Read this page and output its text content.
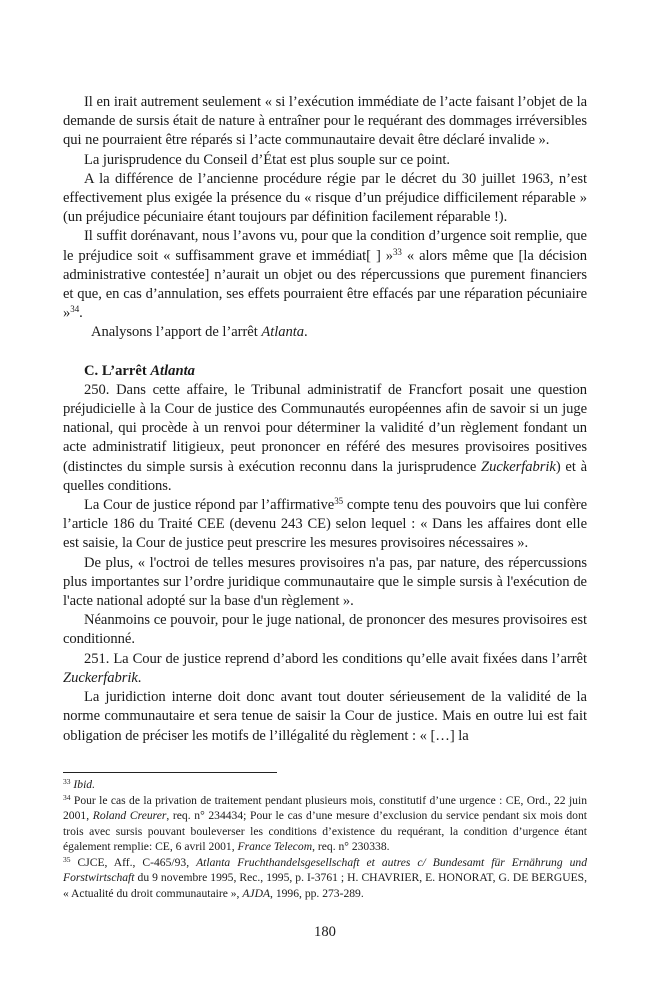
Il en irait autrement seulement « si l’exécution immédiate de l’acte faisant l’objet de la demande de sursis était de nature à entraîner pour le requérant des dommages irréversibles qui ne pourraient être réparés si l’acte communautaire devait être déclaré invalide ».

La jurisprudence du Conseil d’État est plus souple sur ce point.

A la différence de l’ancienne procédure régie par le décret du 30 juillet 1963, n’est effectivement plus exigée la présence du « risque d’un préjudice difficilement réparable » (un préjudice pécuniaire étant toujours par définition facilement réparable !).

Il suffit dorénavant, nous l’avons vu, pour que la condition d’urgence soit remplie, que le préjudice soit « suffisamment grave et immédiat[ ] »$^{33}$ « alors même que [la décision administrative contestée] n’aurait un objet ou des répercussions que purement financiers et que, en cas d’annulation, ses effets pourraient être effacés par une réparation pécuniaire »$^{34}$.

Analysons l’apport de l’arrêt Atlanta.

C. L’arrêt Atlanta

250. Dans cette affaire, le Tribunal administratif de Francfort posait une question préjudicielle à la Cour de justice des Communautés européennes afin de savoir si un juge national, qui procède à un renvoi pour déterminer la validité d’un règlement fondant un acte administratif litigieux, peut prononcer en référé des mesures provisoires positives (distinctes du simple sursis à exécution reconnu dans la jurisprudence Zuckerfabrik) et à quelles conditions.

La Cour de justice répond par l’affirmative$^{35}$ compte tenu des pouvoirs que lui confère l’article 186 du Traité CEE (devenu 243 CE) selon lequel : « Dans les affaires dont elle est saisie, la Cour de justice peut prescrire les mesures provisoires nécessaires ».

De plus, « l'octroi de telles mesures provisoires n'a pas, par nature, des répercussions plus importantes sur l’ordre juridique communautaire que le simple sursis à l'exécution de l'acte national adopté sur la base d'un règlement ».

Néanmoins ce pouvoir, pour le juge national, de prononcer des mesures provisoires est conditionné.

251. La Cour de justice reprend d’abord les conditions qu’elle avait fixées dans l’arrêt Zuckerfabrik.

La juridiction interne doit donc avant tout douter sérieusement de la validité de la norme communautaire et sera tenue de saisir la Cour de justice. Mais en outre lui est fait obligation de préciser les motifs de l’illégalité du règlement : « […] la

$^{33}$ Ibid.

$^{34}$ Pour le cas de la privation de traitement pendant plusieurs mois, constitutif d’une urgence : CE, Ord., 22 juin 2001, Roland Creurer, req. n° 234434; Pour le cas d’une mesure d’exclusion du service pendant six mois dont trois avec sursis pouvant bouleverser les conditions d’existence du requérant, la condition d’urgence étant également remplie: CE, 6 avril 2001, France Telecom, req. n° 230338.

$^{35}$ CJCE, Aff., C-465/93, Atlanta Fruchthandelsgesellschaft et autres c/ Bundesamt für Ernährung und Forstwirtschaft du 9 novembre 1995, Rec., 1995, p. I-3761 ; H. CHAVRIER, E. HONORAT, G. DE BERGUES, « Actualité du droit communautaire », AJDA, 1996, pp. 273-289.

180
